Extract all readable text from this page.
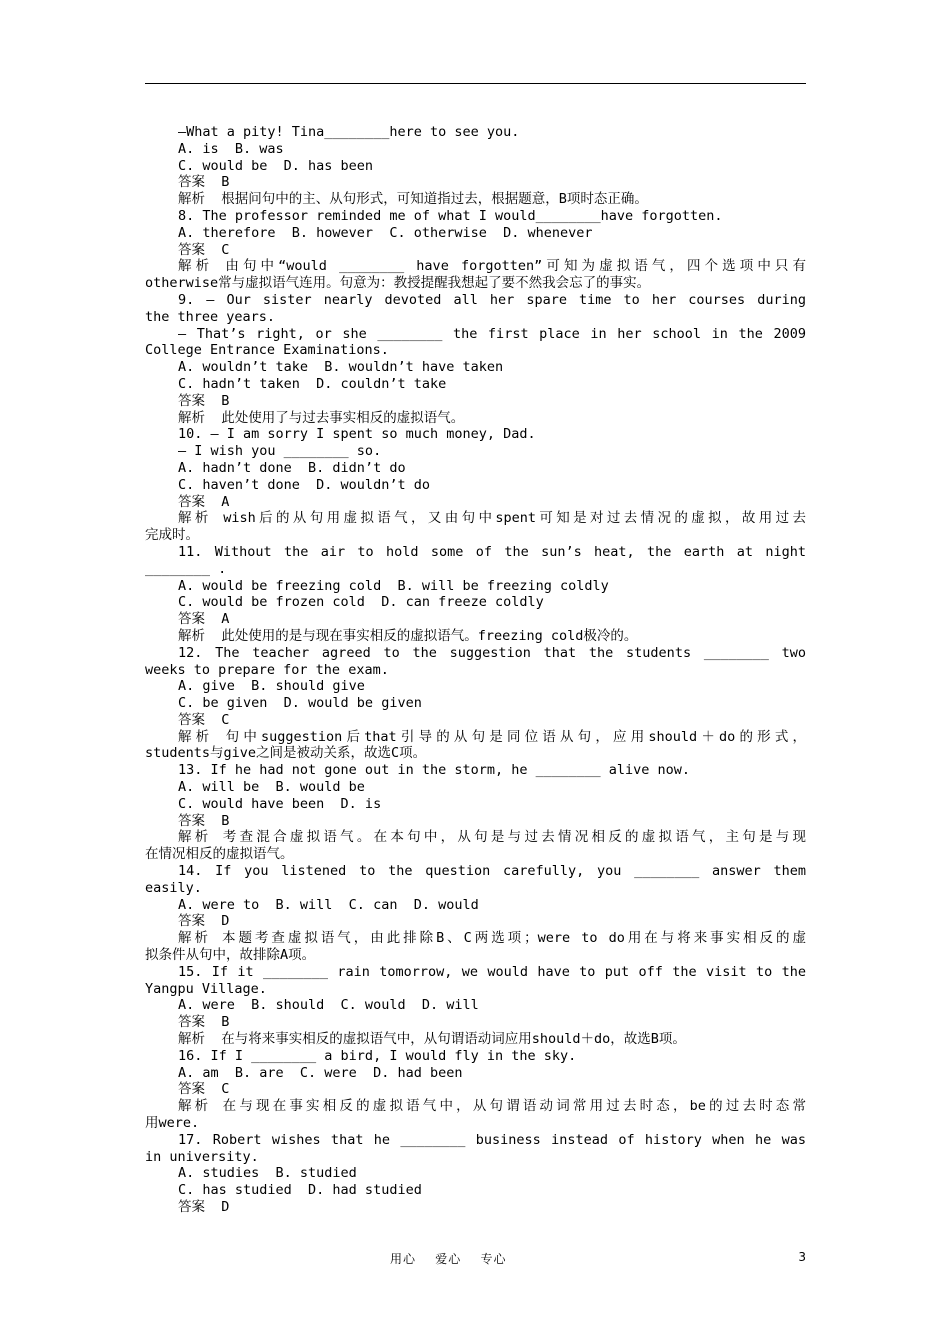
—What a pity! Tina________here to see you.
A. is  B. was
C. would be  D. has been
答案  B
解析  根据问句中的主、从句形式，可知道指过去，根据题意，B项时态正确。
8. The professor reminded me of what I would________have forgotten.
A. therefore  B. however  C. otherwise  D. whenever
答案  C
解析 由句中“would ________ have forgotten”可知为虚拟语气，四个选项中只有
otherwise常与虚拟语气连用。句意为：教授提醒我想起了要不然我会忘了的事实。
9. — Our sister nearly devoted all her spare time to her courses during
the three years.
— That’s right, or she ________ the first place in her school in the 2009
College Entrance Examinations.
A. wouldn’t take  B. wouldn’t have taken
C. hadn’t taken  D. couldn’t take
答案  B
解析  此处使用了与过去事实相反的虚拟语气。
10. — I am sorry I spent so much money, Dad.
— I wish you ________ so.
A. hadn’t done  B. didn’t do
C. haven’t done  D. wouldn’t do
答案  A
解析 wish后的从句用虚拟语气，又由句中spent可知是对过去情况的虚拟，故用过去
完成时。
11. Without the air to hold some of the sun’s heat, the earth at night
________ .
A. would be freezing cold  B. will be freezing coldly
C. would be frozen cold  D. can freeze coldly
答案  A
解析  此处使用的是与现在事实相反的虚拟语气。freezing cold极冷的。
12. The teacher agreed to the suggestion that the students ________ two
weeks to prepare for the exam.
A. give  B. should give
C. be given  D. would be given
答案  C
解析 句中suggestion后that引导的从句是同位语从句，应用should＋do的形式，
students与give之间是被动关系，故选C项。
13. If he had not gone out in the storm, he ________ alive now.
A. will be  B. would be
C. would have been  D. is
答案  B
解析 考查混合虚拟语气。在本句中，从句是与过去情况相反的虚拟语气，主句是与现
在情况相反的虚拟语气。
14. If you listened to the question carefully, you ________ answer them
easily.
A. were to  B. will  C. can  D. would
答案  D
解析 本题考查虚拟语气，由此排除B、C两选项；were to do用在与将来事实相反的虚
拟条件从句中，故排除A项。
15. If it ________ rain tomorrow, we would have to put off the visit to the
Yangpu Village.
A. were  B. should  C. would  D. will
答案  B
解析  在与将来事实相反的虚拟语气中，从句谓语动词应用should＋do，故选B项。
16. If I ________ a bird, I would fly in the sky.
A. am  B. are  C. were  D. had been
答案  C
解析 在与现在事实相反的虚拟语气中，从句谓语动词常用过去时态，be的过去时态常
用were.
17. Robert wishes that he ________ business instead of history when he was
in university.
A. studies  B. studied
C. has studied  D. had studied
答案  D
用心    爱心    专心	3
